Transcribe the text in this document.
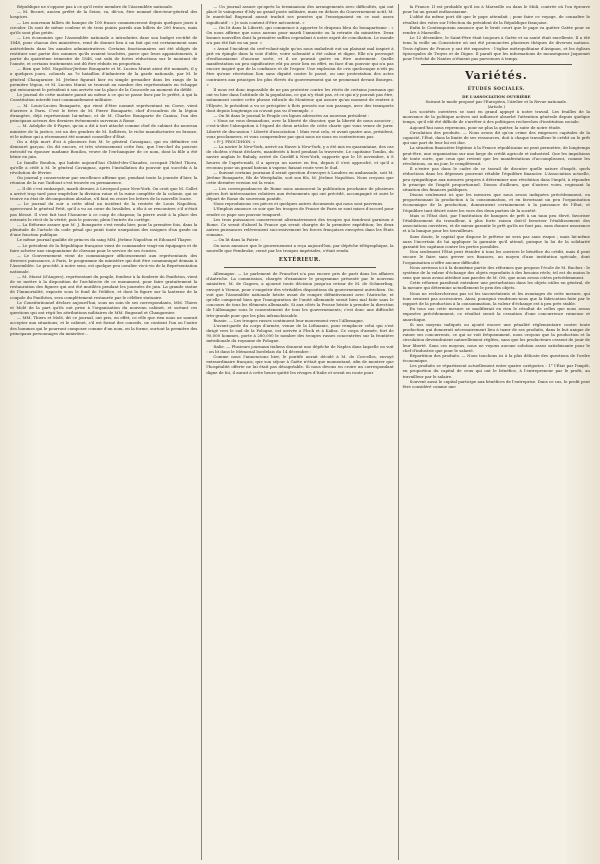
République ne s'oppose pas à ce qu'il reste membre de l'Assemblée nationale.

— M. Recurt, ancien préfet de la Seine, va, dit-on, être nommé directeur-général des hospices.

— Les nouveaux billets de banque de 100 francs commenceront depuis quelques jours à circuler. Ils sont de même couleur et de trois points pareils aux billets de 200 francs, mais qu'ils sont plus petits.

— Les économies que l'Assemblée nationale a introduites dans son budget rectifié de 1848, pour chacun des ministères, rend de donner lieu à un fait qui est certainement sans antécédents dans les annales administratives. Certains fonctionnaires ont été obligés de restituer une partie des sommes qu'ils avaient touchées, parce que leurs appointements, à partir du quatrième trimestre de 1848, ont subi de fortes réductions sur le montant de l'année, et certains traitements ont dû être réduits en proportion.

— Bien que MM. Napoléon-Jérôme Bonaparte et M. Lucien Murat aient été nommés, il y a quelques jours, colonels au 7e bataillon d'infanterie de la garde nationale, par M. le général Changarnier, M. Jérôme figurait hier en simple grenadier dans les rangs de la première légion, et M. Lucien Murat se trouvait au nombre des représentants en échappe qui entouraient le président à son arrivée sur la place de la Concorde au moment du défilé.

Le journal de cette matinée parait au même à ce qui se passe lisez par le préfet, à qui la Constitution interdit tout commandement militaire.

— M. Louis-Lucien Bonaparte, qui vient d'être nommé représentant en Corse, vient d'arriver à Paris. C'est le frère de M. Pierre Bonaparte, chef d'escadron de la légion étrangère, déjà représentant lui-même, et de M. Charles Bonaparte de Canino, l'un des principaux acteurs des derniers événements survenus à Rome.

— M. Adolphe de S-Payne, qu'on a dit à tort attaché comme chef de cabinet du nouveau ministre de la justice, est un des gendres de M. Sallières, le riche manufacturier en bronze, et le même qui a récemment été nommé conseiller d'État.

On a déjà mort d'ici à plusieurs fois M. le général Cavaignac, qui en définitive est demeuré garçon. On dit encore, et très sérieusement cette fois, que l'ex-chef du pouvoir exécutif va épouser madame Bouilon, veuve de l'ex-banquier de ce nom, dont la fille a été bénie en juin.

Le famille Bouilon, qui habite aujourd'hui Châtel-des-Chaudes, occupait l'hôtel Thoru, qu'elle a cédé à M. le général Cavaignac, après l'installation du pouvoir qui succéda à la révolution de février.

On journal y conservateur par excellence affirme que, pendant toute la journée d'hier, la réunion de la rue Taitbout s'est trouvée en permanence.

— Il dit c'est embarqué, mardi dernier, à Liverpool pour New-York. On croit que M. Callet a arrivé trop tard pour empêcher la division ruine et la ruine complète de la colonie, qui se trouve en état de décomposition absolue, s'il faut en croire les lettres de la nouvelle Icarie.

— Le journal du soir a cette idéal un incident de la rentrée de Louis Napoléon, apercevant le général Petit, qu'il a vu au cœur du Invalides, a élu à se rencontrer, s'il n'était pas blessé. Il s'est fait tout l'honneur à ce coup de chapeau; la pierre avait à la place des entrants le récit de la vérité; puis le pouvoir, plein l'entrée du cortège.

— La Réforme assure que M. J. Bonaparte s'est rendu hier, pour la première fois, dans la plénitude de l'article du code pénal qui punit toute usurpation des insignes d'un grade ou d'une fonction publique.

Le même journal qualifie de princes du sang MM. Jérôme Napoléon et Edouard Thayer.

— Le président de la République française vient de commander vingt-six équipages et de faire acheter une cinquantaine de chevaux pour le service de ses écuries.

— Le Gouvernement vient de communiquer officieusement aux représentants des diverses puissances, à Paris, le programme du ministère qui doit être communiqué demain à l'Assemblée. Le procédé, à notre sens, est quelque peu cavalier vis-à-vis de la Représentation nationale.

— M. Murat (d'Angers), représentant du peuple, fondeur à la fonderie du Panthéon, vient de se mettre à la disposition de l'architecte de ce monument, pour faire gratuitement la restauration des figures qui ont été mutilées pendant les journées de juin. La grande statue de l'Immortalité, exposée sous le fond de l'édifice, et dont la figure sur la lanterne de la coupole du Panthéon, sera complètement restaurée par le célèbre statuaire.

Le Constitutionnel déclare aujourd'hui, sous un soin de ses correspondants, MM. Thiers et Molé de la part qu'ils ont prise à l'organisation du nouveau cabinet, et sortant ces questions qui ont régit les attributions militaires de MM. Bugeaud et Changarnier.

— MM. Thiers et Molé, dit ce journal, ont pris, en effet, ce rôle que rien nous ne saurait accepter aux situations; et le cabinet, s'il est formé des conseils, ne contient l'un ou l'autre des hommes qui le pourront composer comme d'un nom, en la forme, surtout la première des principaux personnages du ministère...

— Un journal assure qu'après la terminaison des arrangements avec difficultés, qui ont placé le vainqueur d'Isly au grand poste militaire, mais en dehors du Gouvernement actif, M. le maréchal Bugeaud aurait traduit ses pensées qui l'enseignaient en ce mot assez significatif : « Je suis content d'être mécontent. »

— On lit dans la Liberté, qui commence à apporter le drapeau bleu du bonapartisme : « On nous affirme que nous aurons pour mardi l'amnistie ou la retraite du ministère. Deux bonnes nouvelles dont la première suffira cependant à notre esprit de conciliation. Le monde n'a pas été fait en un jour. »

« Avant l'incident du cerf-volant-aigle qu'on nous maladroit eut un plaisant mal inspiré à prit en épingle dans la voie d'idée, votre solennité a été calme et digne. Elle n'a provoqué d'enthousiasme d'aucune sorte; et il ne pouvait guère en être autrement. Quelle manifestation un peu significative eût pu avoir lieu en effet, en face d'un pouvoir qui n'a pas encore inspiré que de la confiance et de l'espoir. Une explosion de cris quelconque n'eût pu être qu'une récréation lion sans dignité contre le passé, ou une protestation des actes contraires aux principes les plus élevés du gouvernement qui se promenait devant Bourges. »

Il nous est donc impossible de ne pas protester contre les récits de certains journaux qui ont vu hier dans l'attitude de la population, ce qui n'y était pas, et ce qui n'y pouvait pas être, notamment contre cette phrase ridicule du Moniteur, qui assure qu'au moment de rentrer à l'Élysée, le président a vu se précipiter à flots pressés sur son passage, avec des transports dont depuis longtemps on n'avait pas vu d'exemple. »

— On lit dans le journal le Peuple ces lignes adressées au nouveau président :

« Nous ne vous demandons, avec la liberté de discuter, que la liberté de nous associer ; c'est-à-dire l'abrogation à l'égard de deux articles de cette charte que vous venez de jurer. Liberté de discussion ! Liberté d'association ! Mais veut cela, et avant quatre ans, président, vous proclamerez, et vous comprendrez par quoi nous ne nous en contenterons pas.

« P.-J. PROUDHON. »

— La navire le New-York, arrivé au Havre à New-York, y a été mis en quarantaine, des cas de choléra s'étant déclarés, manifestés à bord pendant la traversée. Le capitaine Tomlin, du navire anglais le Bubaly, arrivé de Cardiff à New-York, rapporte que le 18 novembre, à 8 heures de l'après-midi, il a aperçu un navire en feu, depuis il s'est approché, et qu'il a reconnu pour un grand bateau à vapeur, faisant route vers le Sud.

— Suivant certains journaux il serait question d'envoyer à Londres en ambassade, soit M. Jérôme Bonaparte, fils de Westphalie, soit son fils, M. Jérôme Napoléon. Nous croyons que cette dernière version est la vraie.

— Les correspondances de Rome nous annoncent la publication prochaine de plusieurs pièces fort intéressantes relatives aux événements qui ont précédé, accompagné et suivi le départ de Rome du souverain pontife.

Nous reproduisons ces pièces et quelques autres documents qui nous sont parvenus.

L'Emplois annonce ce soir que les troupes de France de Paris se sont mises d'accord pour rendre ce pape son pouvoir temporel.

Les trois puissances conserveront alternativement des troupes qui tiendront garnison à Rome. Ce serait d'abord la France qui serait chargée de la première expédition; les deux autres puissances relèveraient successivement les forces françaises envoyées dans les États romains.

— On lit dans la Patrie :

On nous annonce que le gouvernement a reçu aujourd'hui, par dépêche télégraphique, la nouvelle que Pembroke, cerné par les troupes impériales, s'était rendu.

EXTÉRIEUR.

Allemagne. — Le parlement de Francfort n'a pas encore pris de parti dans les affaires d'Autriche. La commission, chargée d'examiner le programme présenté par le nouveau ministère, M. de Gagern, a ajourné toute décision jusqu'au retour de M. de Schmerling, envoyé à Vienne, pour s'enquérir des véritables dispositions du gouvernement autrichien. On voit que l'Assemblée nationale hésite avant de rompre définitivement avec l'Autriche, et qu'elle comprend bien que l'inauguration de l'unité allemande serait bien mal faite sans le concours de tous les éléments allemands. Si aux côtés la Prusse hésite à prendre la direction de l'Allemagne sous le consentement de tous les gouvernements; c'est donc une difficulté très-grande pour que les plus infranchissable.

Russie. — Les troupes russes continuent leur mouvement vers l'Allemagne.

L'avant-garde du corps d'armée, venue de la Lithuanie, pour remplacer celui qui s'est dirigé vers le sud de la Pologne, est arrivée à Plock et à Kalisz. Ce corps d'armée, fort de 95,000 hommes, porte à 280,000 le nombre des troupes russes concentrées sur la frontière méridionale du royaume de Pologne.

Italie. — Plusieurs journaux italiens donnent une dépêche de Naples dans laquelle on voit : on lit dans le Mémorial bordelais du 14 décembre :

Comme nous l'annoncions hier, le pontife aurait décidé à M. de Corcelles, envoyé extraordinaire français, que son séjour à Gaète n'était que momentané, afin de montrer que l'hospitalité offerte ne lui était pas désagréable. Si nous devons en croire un correspondant digne de foi, il aurait à cette heure quitté les rivages d'Italie et serait en route pour

la France. Il est probable qu'il ira à Marseille ou dans le Midi, contrée où l'on éprouve pour lui un grand enthousiasme.

L'abbé du même port dit que le pape attendait ; pour faire ce voyage, de connaître le résultat des votes sur l'élection du président de la République française.

Enfin le Contemporain annonce que le bruit court que le pape va quitter Gaète pour se rendre à Marseille.

Le 12 décembre, le Saint-Père était toujours à Gaète et sa santé était excellente. Il a été tenu la veille un Consistoire où ont été prononcées plusieurs thèques de diverses nations. Trois églises de France y ont été exposées : l'église métropolitaine d'Avignon, et les églises épiscopales de Troyes et de Digne. Il paraît que les informations de monseigneur Jaquemet pour l'évêché de Nantes n'étaient pas parvenues à temps.

Variétés.
ÉTUDES SOCIALES.
DE L'ASSOCIATION OUVRIÈRE
Suivant le mode proposé par l'Européen, l'Atelier et la Revue nationale.
(Article.)

Les sociétés ouvrières se sont en grand appuyé à notre travail. Les feuilles de la mouvance de la politique actives ont influencé absorbé l'attention générale depuis quelque temps, qu'il eût été difficile de s'arrêter à des politiques recherches d'institution sociale.

Aujourd'hui nous reprenons, pour ne plus la quitter, la suite de notre étude.

Circulation des produits. — Nous avons dit qu'on crime des exigences capitales de la capacité, l'État, dans la limite de ses ressources, doit à chaque travailleur le crédit ou le prêt qui une part de leur lui est due.

La situation financière légitime à la France républicaine ne peut permettre, de longtemps peut-être, une organisation sur une large du crédit agricole et industriel. Que les impulsions de toute sorte, que ceux que revient que les manifestations d'accomplissent, comme les révolutions, ou un jour, le complèterait.

Il n'entre pas dans le cadre de ce travail de discuter quelle nature d'impôt, quels réductions dans les dépenses pourront rétablir l'équilibre financier. L'Association actuelle, peu sympathique aux mesures propres à déterminer une révolution dans l'impôt, à répondre le principe de l'impôt proportionnel. Disons d'ailleurs, que d'autres voies, regissant la situation des finances publiques.

Disons seulement ici que les mesures que nous avons indiquées précédemment, en proportionnant la production à la consommation, et en favorisant un peu l'organisation économique de la production, donneraient certainement à la puissance de l'État, et l'équilibre tant désiré entre les vues des deux parties de la société.

Mais si l'État doit, par l'institution de banques de prêt à un taux peu élevé, favoriser l'établissement du travailleur, à plus forte raison doit-il favoriser l'établissement des associations ouvrières, et de mieux garantir le prêt qu'ils ne font pas, sans donner assurance et à la banque pour les travailleurs.

Sans doute, le capital que dispose le prêteur ne sera pas sans risque ; mais lui-même aura l'incertain de lui appliquer la garantie qu'il attend, puisque la loi de la solidarité garantit les capitaux contre les pertes possibles.

Non seulement l'État peut étendre à tous les ouvriers le bénéfice du crédit, mais il peut encore le faire sans grever ses finances, au moyen d'une institution spéciale, dont l'organisation n'offre aucune difficulté.

Nous arrivons ici à la deuxième partie des réformes que propose l'école de M. Buchez : le système de la valeur d'échange des objets reproduits à des besoins réels; tel est du moins le sens que nous avons attribué aux paroles de M. Ott, que nous avons citées précédemment.

Cette réforme paraîtrait entraîner une perturbation dans les objets utiles en général, de la mesure qui détermine actuellement le prix des objets.

Nous ne rechercherons pas ici les inconvénients et les avantages de cette mesure, qui tous seraient pas accessoires. Ainsi, pourquoi voudrions-nous que la fabrication faite par le rapport de la production à la consommation, la valeur d'échange est à peu près stable.

En tous cas cette mesure se modifierait en rien le résultat de celles que nous avons exposées précédemment, ce résultat serait la cessation d'une concurrence ruineuse et anarchique.

Si nos moyens indiqués ou ajouté encore une pénalité réglementaire contre toute production qui donnerait nécessairement lieu à taxer de ses produits, dans le but unique de ruiner ses concurrents, ce qui se voit fréquemment, nous croyons que la production et la circulation deviendraient naturellement réglées, sans que les producteurs cessent de jouir de leur liberté. Sans ces moyens, nous ne voyons aucune solution assez satisfaisante pour le chef d'industrie que pour le salarié.

Répartition des produits. — Nous touchons ici à la plus délicate des questions de l'ordre économique.

Les produits se répartissent actuellement entre quatre catégories : 1° l'État par l'impôt, en proportion du capital de ceux qui ont le bénéfice, à l'entrepreneur par le profit, au travailleur par le salaire.

Souvent aussi le capital participe aux bénéfices de l'entreprise. Dans ce cas, le profit peut être considéré comme une
